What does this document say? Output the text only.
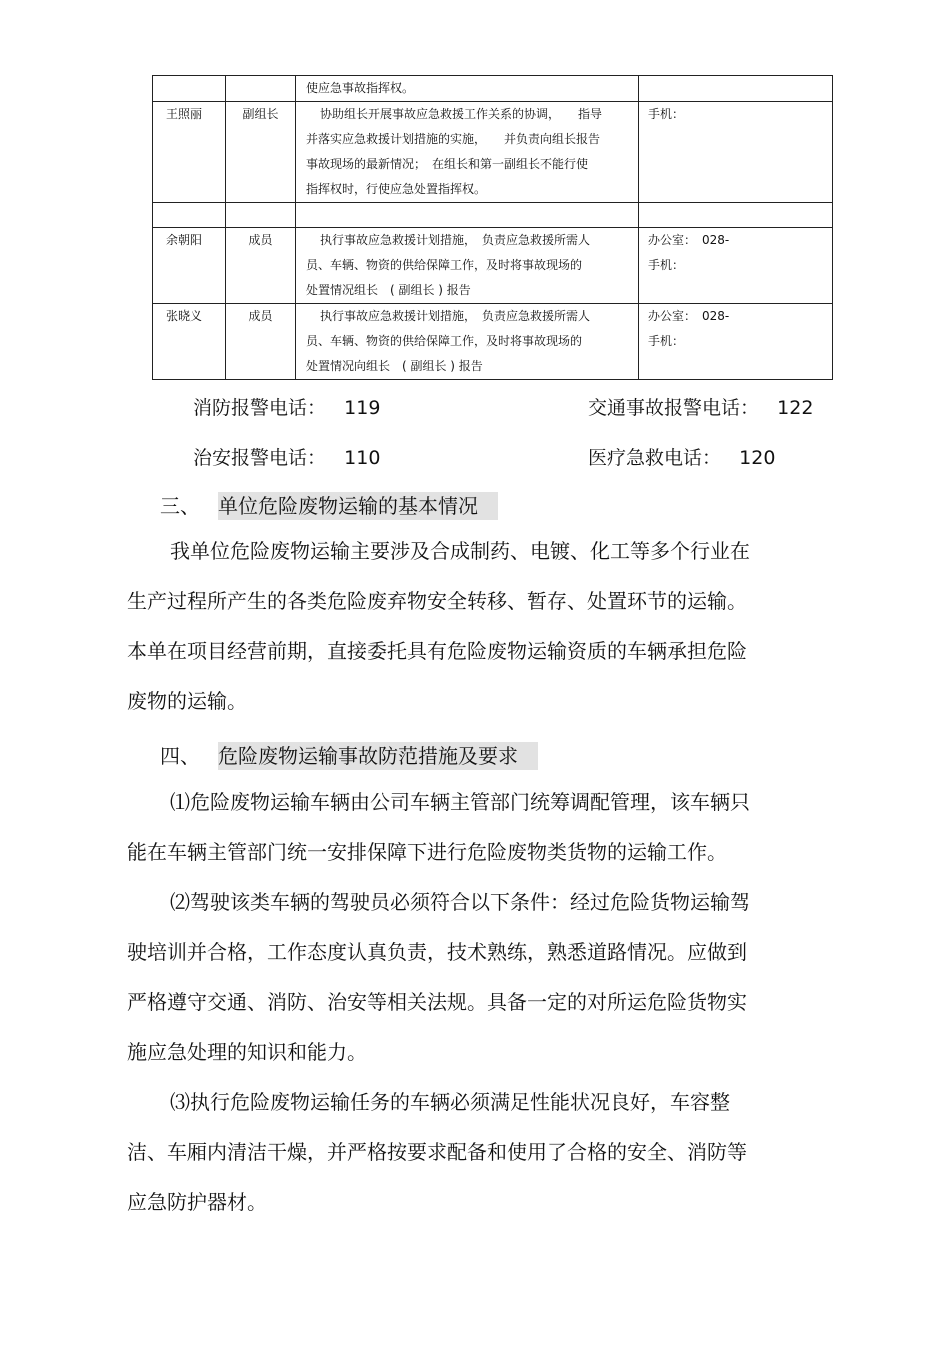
		使应急事故指挥权。	

王照丽	副组长	协助组长开展事故应急救援工作关系的协调，　　指导
并落实应急救援计划措施的实施，　　并负责向组长报告
事故现场的最新情况；　在组长和第一副组长不能行使
指挥权时，行使应急处置指挥权。	手机：

余朝阳	成员	执行事故应急救援计划措施，　负责应急救援所需人
员、车辆、物资的供给保障工作，及时将事故现场的
处置情况组长　( 副组长 ) 报告	办公室：　028-
手机：

张晓义	成员	执行事故应急救援计划措施，　负责应急救援所需人
员、车辆、物资的供给保障工作，及时将事故现场的
处置情况向组长　( 副组长 ) 报告	办公室：　028-
手机：
消防报警电话： 119	交通事故报警电话： 122
治安报警电话： 110	医疗急救电话： 120
三、 单位危险废物运输的基本情况
我单位危险废物运输主要涉及合成制药、电镀、化工等多个行业在
生产过程所产生的各类危险废弃物安全转移、暂存、处置环节的运输。
本单在项目经营前期，直接委托具有危险废物运输资质的车辆承担危险
废物的运输。
四、 危险废物运输事故防范措施及要求
⑴危险废物运输车辆由公司车辆主管部门统筹调配管理，该车辆只
能在车辆主管部门统一安排保障下进行危险废物类货物的运输工作。
⑵驾驶该类车辆的驾驶员必须符合以下条件：经过危险货物运输驾
驶培训并合格，工作态度认真负责，技术熟练，熟悉道路情况。应做到
严格遵守交通、消防、治安等相关法规。具备一定的对所运危险货物实
施应急处理的知识和能力。
⑶执行危险废物运输任务的车辆必须满足性能状况良好，车容整
洁、车厢内清洁干燥，并严格按要求配备和使用了合格的安全、消防等
应急防护器材。
